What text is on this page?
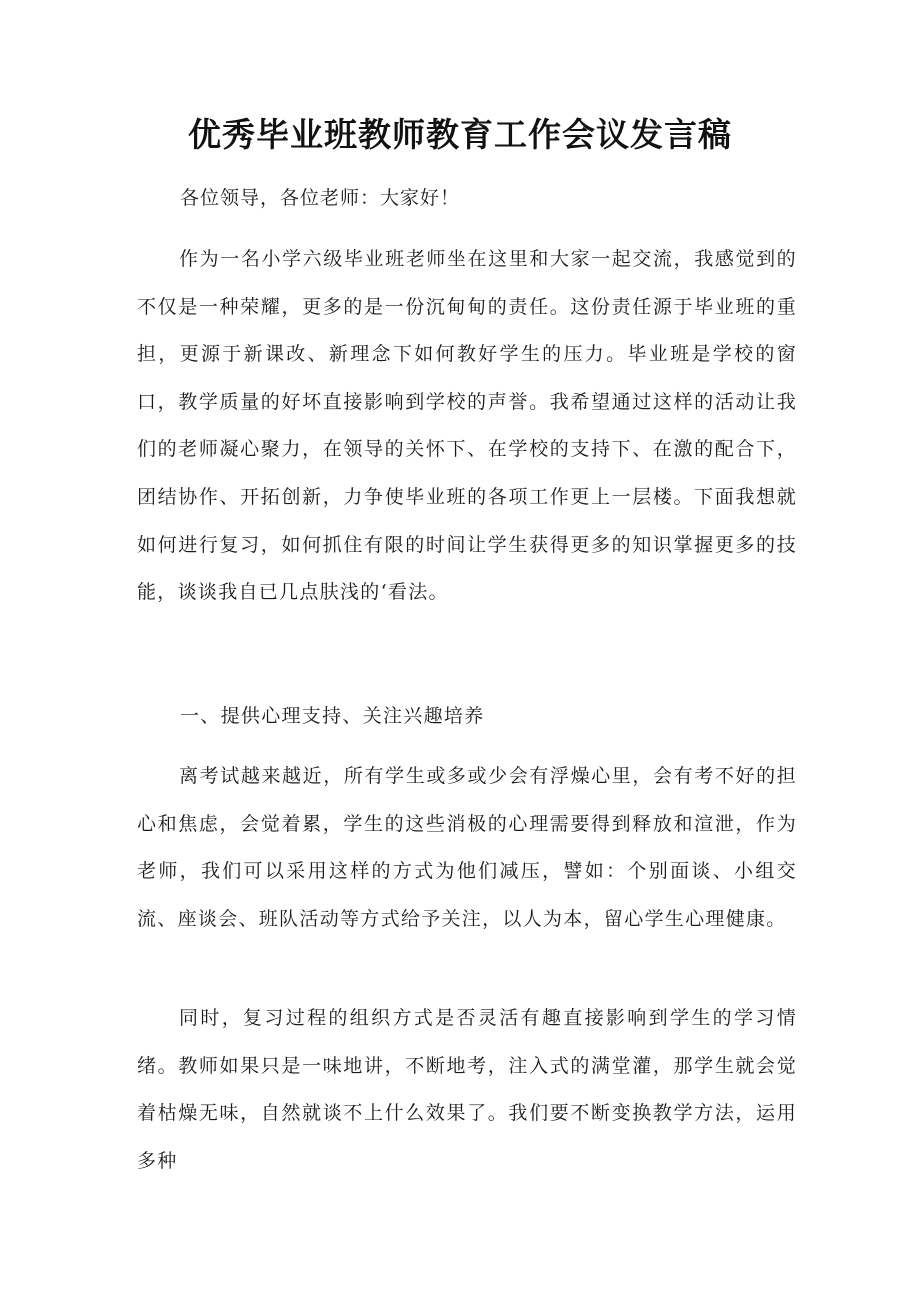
优秀毕业班教师教育工作会议发言稿
各位领导，各位老师：大家好！

作为一名小学六级毕业班老师坐在这里和大家一起交流，我感觉到的不仅是一种荣耀，更多的是一份沉甸甸的责任。这份责任源于毕业班的重担，更源于新课改、新理念下如何教好学生的压力。毕业班是学校的窗口，教学质量的好坏直接影响到学校的声誉。我希望通过这样的活动让我们的老师凝心聚力，在领导的关怀下、在学校的支持下、在激的配合下，团结协作、开拓创新，力争使毕业班的各项工作更上一层楼。下面我想就如何进行复习，如何抓住有限的时间让学生获得更多的知识掌握更多的技能，谈谈我自已几点肤浅的‘看法。

一、提供心理支持、关注兴趣培养

离考试越来越近，所有学生或多或少会有浮燥心里，会有考不好的担心和焦虑，会觉着累，学生的这些消极的心理需要得到释放和渲泄，作为老师，我们可以采用这样的方式为他们减压，譬如：个别面谈、小组交流、座谈会、班队活动等方式给予关注，以人为本，留心学生心理健康。

同时，复习过程的组织方式是否灵活有趣直接影响到学生的学习情绪。教师如果只是一味地讲，不断地考，注入式的满堂灌，那学生就会觉着枯燥无味，自然就谈不上什么效果了。我们要不断变换教学方法，运用多种
